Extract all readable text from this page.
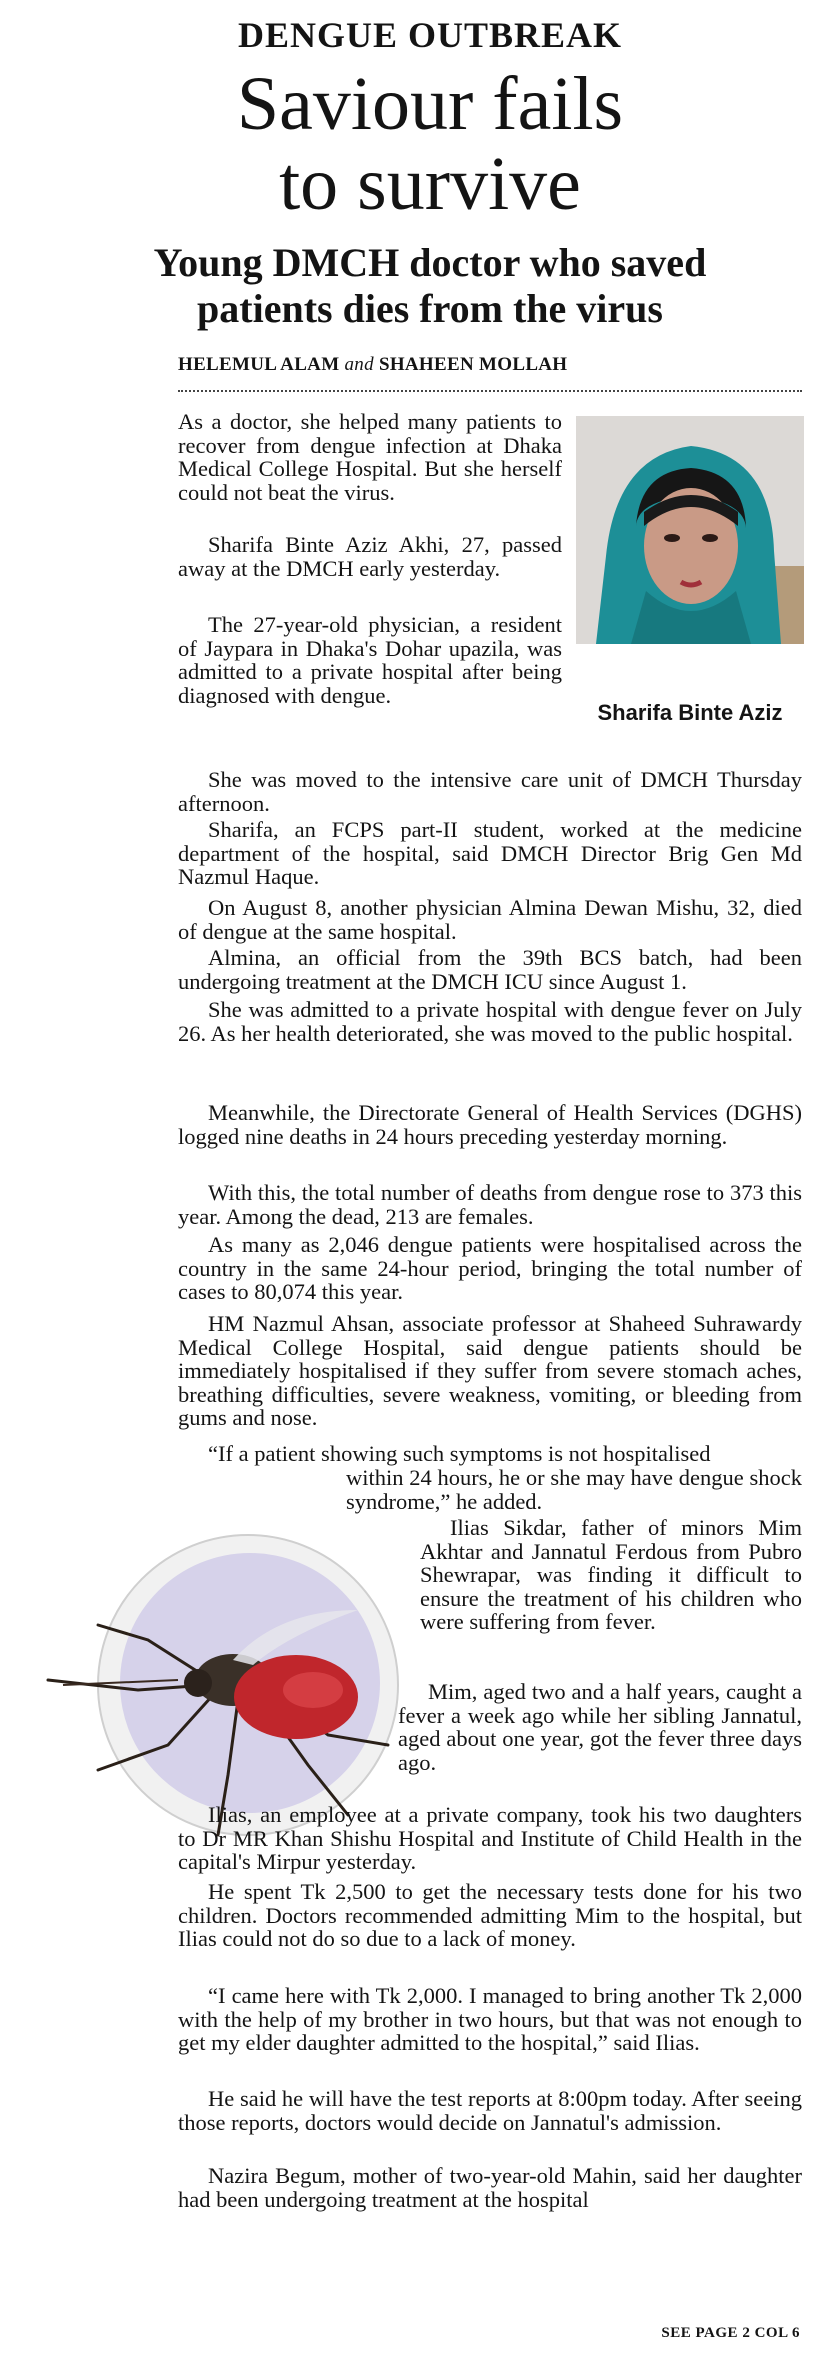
DENGUE OUTBREAK
Saviour fails
to survive
Young DMCH doctor who saved patients dies from the virus
HELEMUL ALAM and SHAHEEN MOLLAH
Sharifa Binte Aziz

As a doctor, she helped many patients to recover from dengue infection at Dhaka Medical College Hospital. But she herself could not beat the virus.

Sharifa Binte Aziz Akhi, 27, passed away at the DMCH early yesterday.

The 27-year-old physician, a resident of Jaypara in Dhaka's Dohar upazila, was admitted to a private hospital after being diagnosed with dengue.

She was moved to the intensive care unit of DMCH Thursday afternoon.

Sharifa, an FCPS part-II student, worked at the medicine department of the hospital, said DMCH Director Brig Gen Md Nazmul Haque.

On August 8, another physician Almina Dewan Mishu, 32, died of dengue at the same hospital.

Almina, an official from the 39th BCS batch, had been undergoing treatment at the DMCH ICU since August 1.

She was admitted to a private hospital with dengue fever on July 26. As her health deteriorated, she was moved to the public hospital.

Meanwhile, the Directorate General of Health Services (DGHS) logged nine deaths in 24 hours preceding yesterday morning.

With this, the total number of deaths from dengue rose to 373 this year. Among the dead, 213 are females.

As many as 2,046 dengue patients were hospitalised across the country in the same 24-hour period, bringing the total number of cases to 80,074 this year.

HM Nazmul Ahsan, associate professor at Shaheed Suhrawardy Medical College Hospital, said dengue patients should be immediately hospitalised if they suffer from severe stomach aches, breathing difficulties, severe weakness, vomiting, or bleeding from gums and nose.

“If a patient showing such symptoms is not hospitalised

within 24 hours, he or she may have dengue shock syndrome,” he added.

Ilias Sikdar, father of minors Mim Akhtar and Jannatul Ferdous from Pubro Shewrapar, was finding it difficult to ensure the treatment of his children who were suffering from fever.

Mim, aged two and a half years, caught a fever a week ago while her sibling Jannatul, aged about one year, got the fever three days ago.

Ilias, an employee at a private company, took his two daughters to Dr MR Khan Shishu Hospital and Institute of Child Health in the capital's Mirpur yesterday.

He spent Tk 2,500 to get the necessary tests done for his two children. Doctors recommended admitting Mim to the hospital, but Ilias could not do so due to a lack of money.

“I came here with Tk 2,000. I managed to bring another Tk 2,000 with the help of my brother in two hours, but that was not enough to get my elder daughter admitted to the hospital,” said Ilias.

He said he will have the test reports at 8:00pm today. After seeing those reports, doctors would decide on Jannatul's admission.

Nazira Begum, mother of two-year-old Mahin, said her daughter had been undergoing treatment at the hospital

SEE PAGE 2 COL 6
